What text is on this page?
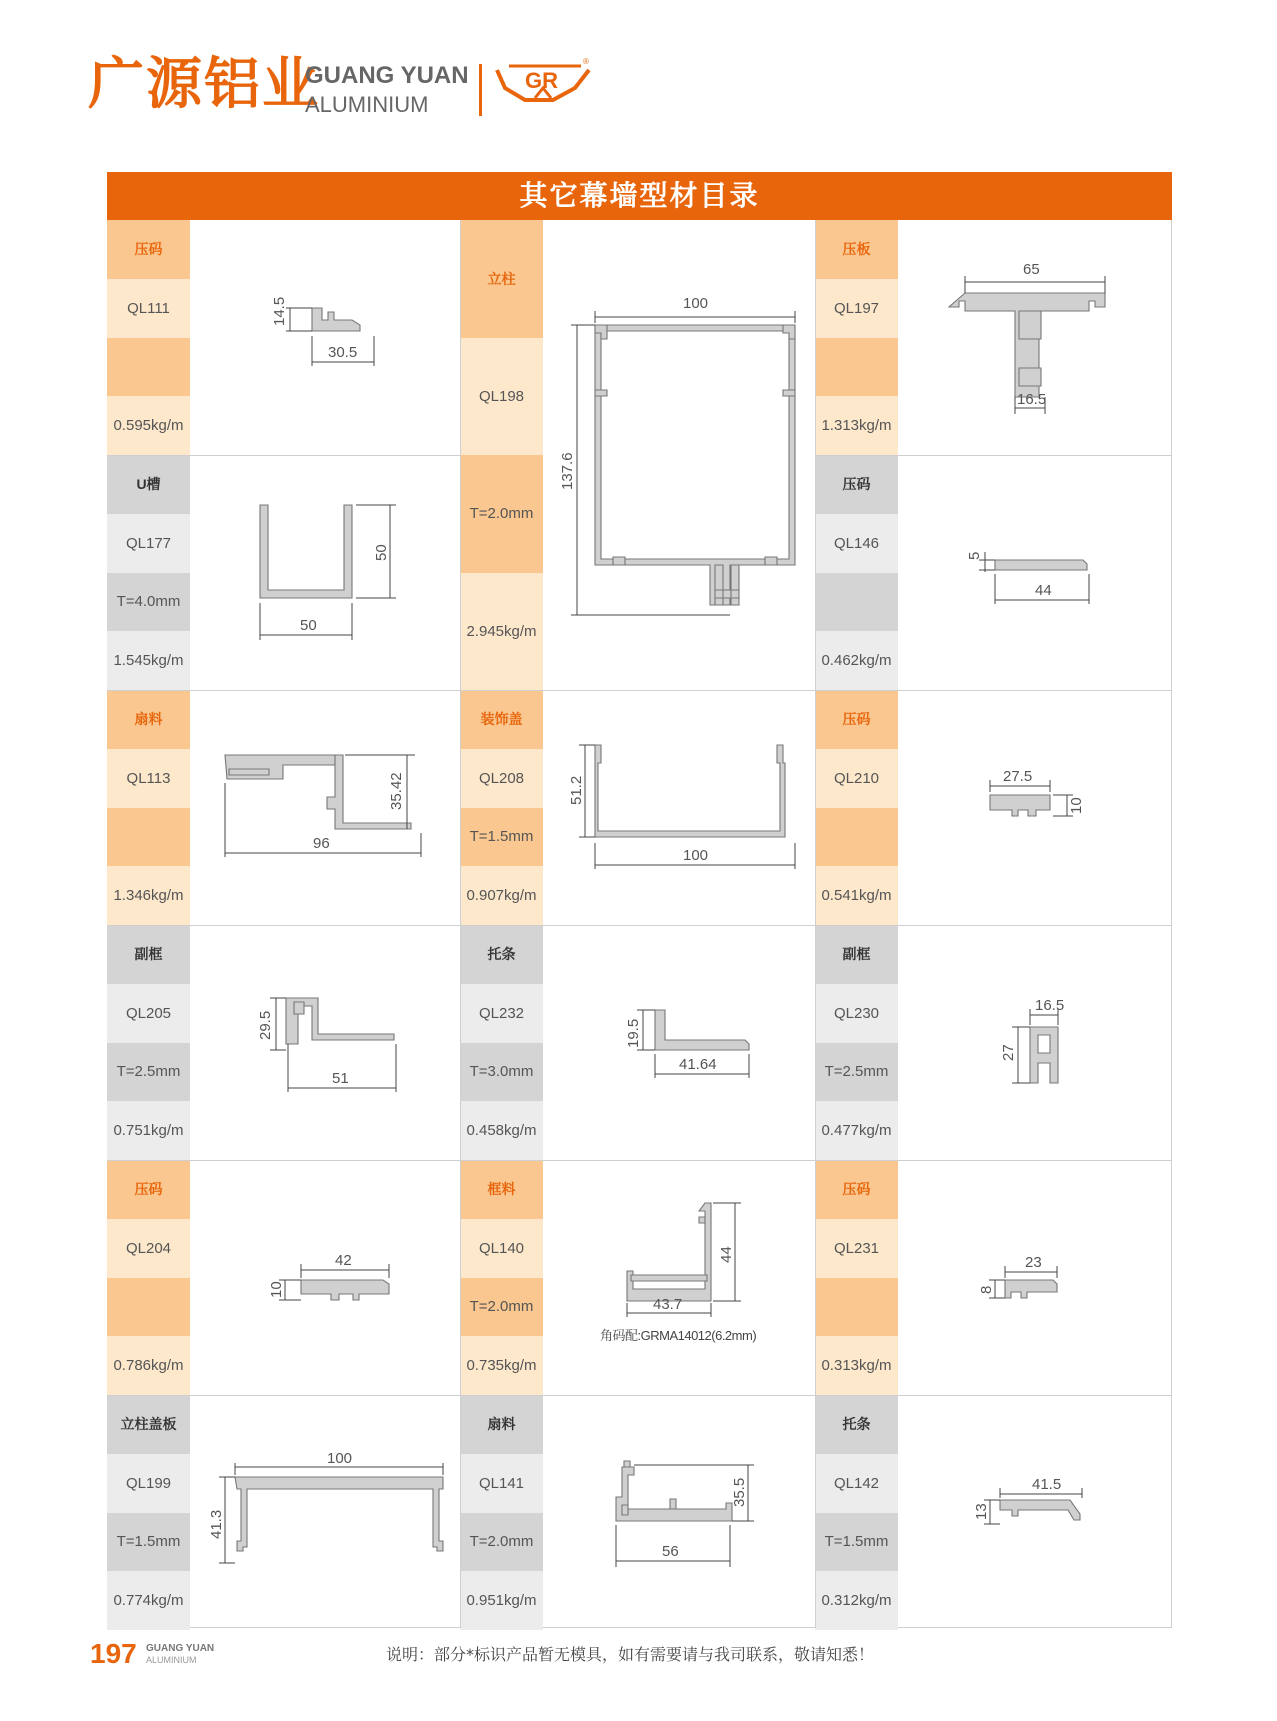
广源铝业
GUANG YUAN
ALUMINIUM
GR
®
其它幕墙型材目录
压码
QL111
0.595kg/m
立柱
QL198
T=2.0mm
2.945kg/m
压板
QL197
1.313kg/m
U槽
QL177
T=4.0mm
1.545kg/m
压码
QL146
0.462kg/m
扇料
QL113
1.346kg/m
装饰盖
QL208
T=1.5mm
0.907kg/m
压码
QL210
0.541kg/m
副框
QL205
T=2.5mm
0.751kg/m
托条
QL232
T=3.0mm
0.458kg/m
副框
QL230
T=2.5mm
0.477kg/m
压码
QL204
0.786kg/m
框料
QL140
T=2.0mm
0.735kg/m
压码
QL231
0.313kg/m
立柱盖板
QL199
T=1.5mm
0.774kg/m
扇料
QL141
T=2.0mm
0.951kg/m
托条
QL142
T=1.5mm
0.312kg/m
14.5
30.5
100
137.6
65
16.5
50
50
44
5
96
35.42
100
51.2	27.5
10
51
29.5
41.64
19.5
16.5
27
42
10
43.7
44
角码配:GRMA14012(6.2mm)
23
8
100
41.3
56
35.5	41.5
13
197 GUANG YUAN
ALUMINIUM	说明：部分*标识产品暂无模具，如有需要请与我司联系，敬请知悉！
